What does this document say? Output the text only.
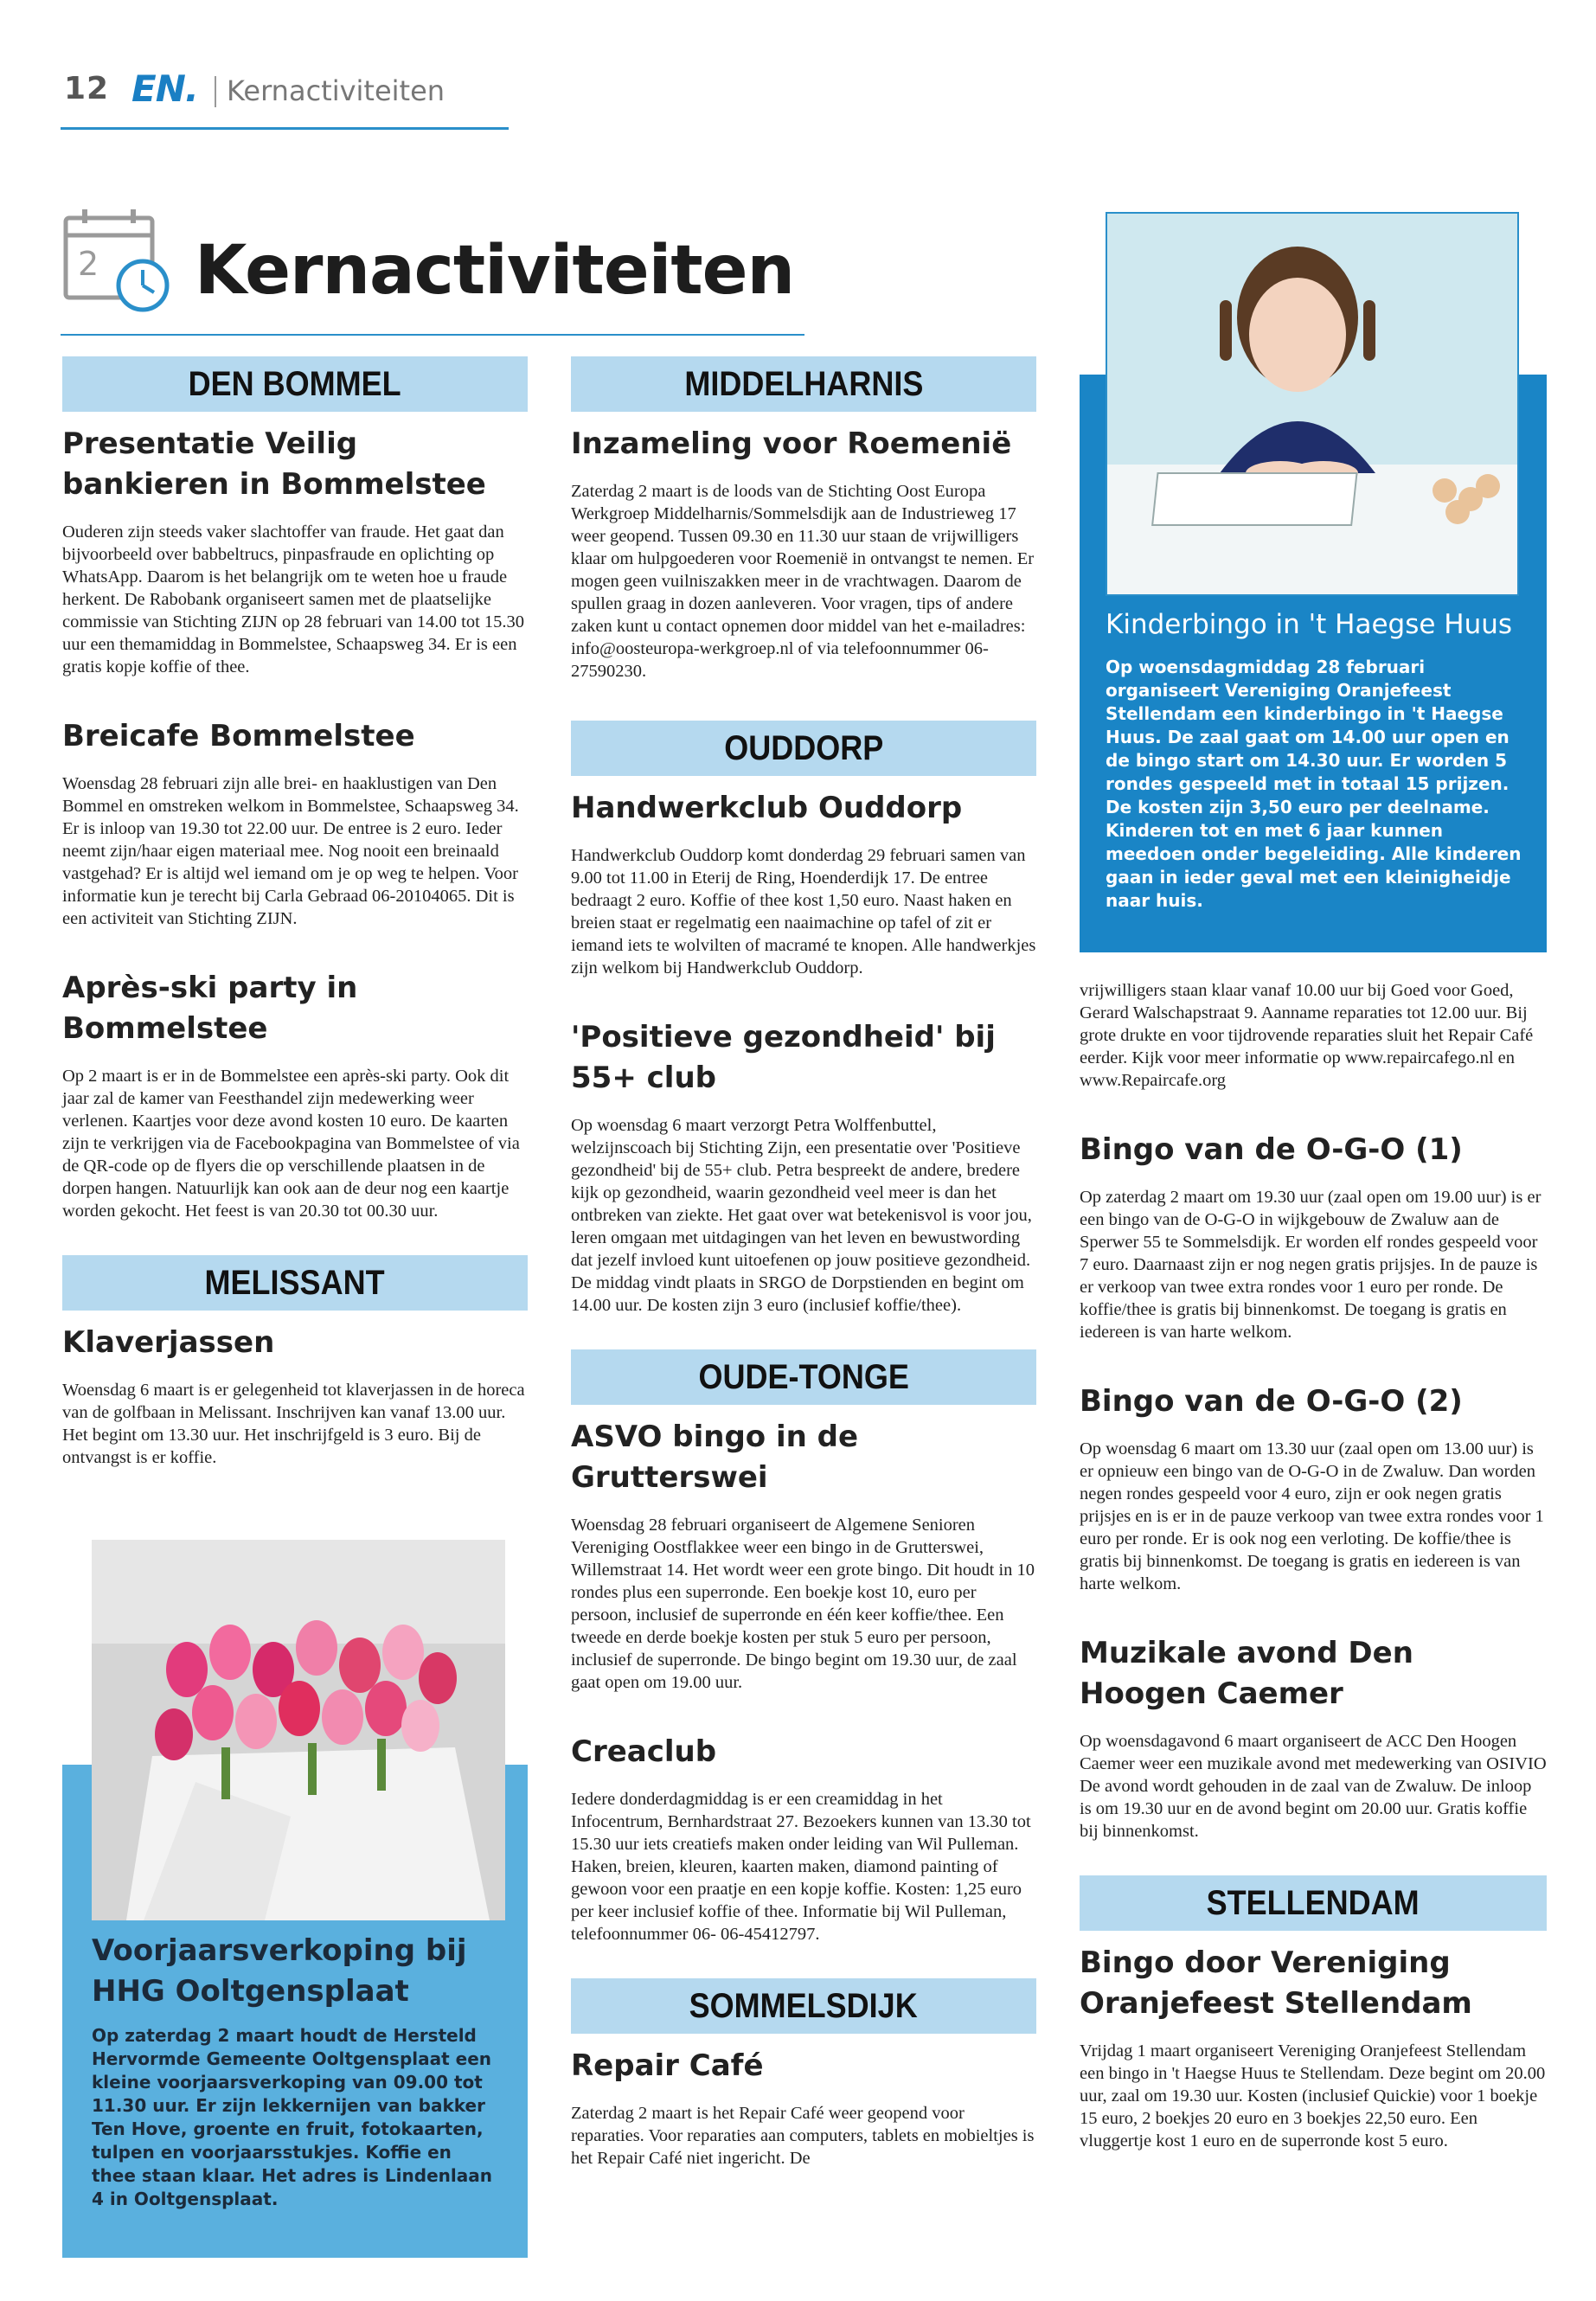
12 EN. Kernactiviteiten
2 Kernactiviteiten
DEN BOMMEL
Presentatie Veilig bankieren in Bommelstee
Ouderen zijn steeds vaker slachtoffer van fraude. Het gaat dan bijvoorbeeld over babbeltrucs, pinpasfraude en oplichting op WhatsApp. Daarom is het belangrijk om te weten hoe u fraude herkent. De Rabobank organiseert samen met de plaatselijke commissie van Stichting ZIJN op 28 februari van 14.00 tot 15.30 uur een themamiddag in Bommelstee, Schaapsweg 34. Er is een gratis kopje koffie of thee.
Breicafe Bommelstee
Woensdag 28 februari zijn alle brei- en haaklustigen van Den Bommel en omstreken welkom in Bommelstee, Schaapsweg 34. Er is inloop van 19.30 tot 22.00 uur. De entree is 2 euro. Ieder neemt zijn/haar eigen materiaal mee. Nog nooit een breinaald vastgehad? Er is altijd wel iemand om je op weg te helpen. Voor informatie kun je terecht bij Carla Gebraad 06-20104065. Dit is een activiteit van Stichting ZIJN.
Après-ski party in Bommelstee
Op 2 maart is er in de Bommelstee een après-ski party. Ook dit jaar zal de kamer van Feesthandel zijn medewerking weer verlenen. Kaartjes voor deze avond kosten 10 euro. De kaarten zijn te verkrijgen via de Facebookpagina van Bommelstee of via de QR-code op de flyers die op verschillende plaatsen in de dorpen hangen. Natuurlijk kan ook aan de deur nog een kaartje worden gekocht. Het feest is van 20.30 tot 00.30 uur.
MELISSANT
Klaverjassen
Woensdag 6 maart is er gelegenheid tot klaverjassen in de horeca van de golfbaan in Melissant. Inschrijven kan vanaf 13.00 uur. Het begint om 13.30 uur. Het inschrijfgeld is 3 euro. Bij de ontvangst is er koffie.
Voorjaarsverkoping bij HHG Ooltgensplaat
Op zaterdag 2 maart houdt de Hersteld Hervormde Gemeente Ooltgensplaat een kleine voorjaarsverkoping van 09.00 tot 11.30 uur. Er zijn lekkernijen van bakker Ten Hove, groente en fruit, fotokaarten, tulpen en voorjaarsstukjes. Koffie en thee staan klaar. Het adres is Lindenlaan 4 in Ooltgensplaat.
MIDDELHARNIS
Inzameling voor Roemenië
Zaterdag 2 maart is de loods van de Stichting Oost Europa Werkgroep Middelharnis/Sommelsdijk aan de Industrieweg 17 weer geopend. Tussen 09.30 en 11.30 uur staan de vrijwilligers klaar om hulpgoederen voor Roemenië in ontvangst te nemen. Er mogen geen vuilniszakken meer in de vrachtwagen. Daarom de spullen graag in dozen aanleveren. Voor vragen, tips of andere zaken kunt u contact opnemen door middel van het e-mailadres: info@oosteuropa-werkgroep.nl of via telefoonnummer 06-27590230.
OUDDORP
Handwerkclub Ouddorp
Handwerkclub Ouddorp komt donderdag 29 februari samen van 9.00 tot 11.00 in Eterij de Ring, Hoenderdijk 17. De entree bedraagt 2 euro. Koffie of thee kost 1,50 euro. Naast haken en breien staat er regelmatig een naaimachine op tafel of zit er iemand iets te wolvilten of macramé te knopen. Alle handwerkjes zijn welkom bij Handwerkclub Ouddorp.
'Positieve gezondheid' bij 55+ club
Op woensdag 6 maart verzorgt Petra Wolffenbuttel, welzijnscoach bij Stichting Zijn, een presentatie over 'Positieve gezondheid' bij de 55+ club. Petra bespreekt de andere, bredere kijk op gezondheid, waarin gezondheid veel meer is dan het ontbreken van ziekte. Het gaat over wat betekenisvol is voor jou, leren omgaan met uitdagingen van het leven en bewustwording dat jezelf invloed kunt uitoefenen op jouw positieve gezondheid. De middag vindt plaats in SRGO de Dorpstienden en begint om 14.00 uur. De kosten zijn 3 euro (inclusief koffie/thee).
OUDE-TONGE
ASVO bingo in de Grutterswei
Woensdag 28 februari organiseert de Algemene Senioren Vereniging Oostflakkee weer een bingo in de Grutterswei, Willemstraat 14. Het wordt weer een grote bingo. Dit houdt in 10 rondes plus een superronde. Een boekje kost 10, euro per persoon, inclusief de superronde en één keer koffie/thee. Een tweede en derde boekje kosten per stuk 5 euro per persoon, inclusief de superronde. De bingo begint om 19.30 uur, de zaal gaat open om 19.00 uur.
Creaclub
Iedere donderdagmiddag is er een creamiddag in het Infocentrum, Bernhardstraat 27. Bezoekers kunnen van 13.30 tot 15.30 uur iets creatiefs maken onder leiding van Wil Pulleman. Haken, breien, kleuren, kaarten maken, diamond painting of gewoon voor een praatje en een kopje koffie. Kosten: 1,25 euro per keer inclusief koffie of thee. Informatie bij Wil Pulleman, telefoonnummer 06- 06-45412797.
SOMMELSDIJK
Repair Café
Zaterdag 2 maart is het Repair Café weer geopend voor reparaties. Voor reparaties aan computers, tablets en mobieltjes is het Repair Café niet ingericht. De
Kinderbingo in 't Haegse Huus
Op woensdagmiddag 28 februari organiseert Vereniging Oranjefeest Stellendam een kinderbingo in 't Haegse Huus. De zaal gaat om 14.00 uur open en de bingo start om 14.30 uur. Er worden 5 rondes gespeeld met in totaal 15 prijzen. De kosten zijn 3,50 euro per deelname. Kinderen tot en met 6 jaar kunnen meedoen onder begeleiding. Alle kinderen gaan in ieder geval met een kleinigheidje naar huis.
vrijwilligers staan klaar vanaf 10.00 uur bij Goed voor Goed, Gerard Walschapstraat 9. Aanname reparaties tot 12.00 uur. Bij grote drukte en voor tijdrovende reparaties sluit het Repair Café eerder. Kijk voor meer informatie op www.repaircafego.nl en www.Repaircafe.org
Bingo van de O-G-O (1)
Op zaterdag 2 maart om 19.30 uur (zaal open om 19.00 uur) is er een bingo van de O-G-O in wijkgebouw de Zwaluw aan de Sperwer 55 te Sommelsdijk. Er worden elf rondes gespeeld voor 7 euro. Daarnaast zijn er nog negen gratis prijsjes. In de pauze is er verkoop van twee extra rondes voor 1 euro per ronde. De koffie/thee is gratis bij binnenkomst. De toegang is gratis en iedereen is van harte welkom.
Bingo van de O-G-O (2)
Op woensdag 6 maart om 13.30 uur (zaal open om 13.00 uur) is er opnieuw een bingo van de O-G-O in de Zwaluw. Dan worden negen rondes gespeeld voor 4 euro, zijn er ook negen gratis prijsjes en is er in de pauze verkoop van twee extra rondes voor 1 euro per ronde. Er is ook nog een verloting. De koffie/thee is gratis bij binnenkomst. De toegang is gratis en iedereen is van harte welkom.
Muzikale avond Den Hoogen Caemer
Op woensdagavond 6 maart organiseert de ACC Den Hoogen Caemer weer een muzikale avond met medewerking van OSIVIO De avond wordt gehouden in de zaal van de Zwaluw. De inloop is om 19.30 uur en de avond begint om 20.00 uur. Gratis koffie bij binnenkomst.
STELLENDAM
Bingo door Vereniging Oranjefeest Stellendam
Vrijdag 1 maart organiseert Vereniging Oranjefeest Stellendam een bingo in 't Haegse Huus te Stellendam. Deze begint om 20.00 uur, zaal om 19.30 uur. Kosten (inclusief Quickie) voor 1 boekje 15 euro, 2 boekjes 20 euro en 3 boekjes 22,50 euro. Een vluggertje kost 1 euro en de superronde kost 5 euro.
